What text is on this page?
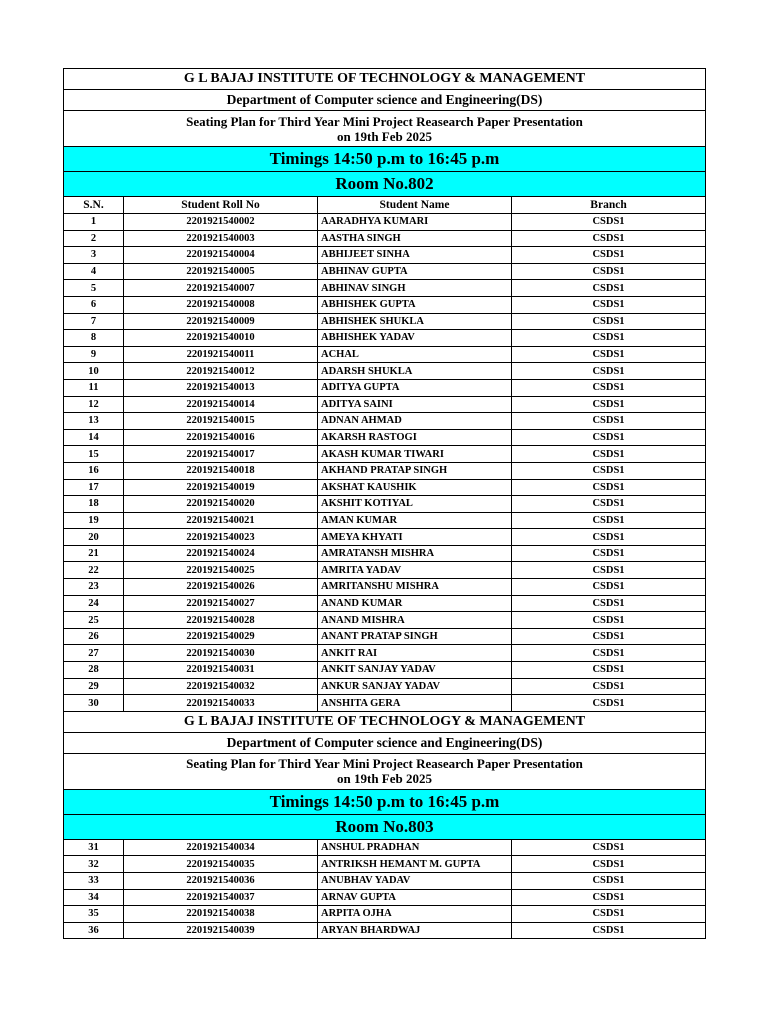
G L BAJAJ INSTITUTE OF TECHNOLOGY & MANAGEMENT			
Department of Computer science and Engineering(DS)			
Seating Plan for Third Year Mini Project Reasearch Paper Presentation
on 19th Feb 2025			
Timings 14:50 p.m to 16:45 p.m			
Room No.802			
S.N.	Student Roll No	Student Name	Branch
1	2201921540002	AARADHYA KUMARI	CSDS1
2	2201921540003	AASTHA SINGH	CSDS1
3	2201921540004	ABHIJEET SINHA	CSDS1
4	2201921540005	ABHINAV GUPTA	CSDS1
5	2201921540007	ABHINAV SINGH	CSDS1
6	2201921540008	ABHISHEK GUPTA	CSDS1
7	2201921540009	ABHISHEK SHUKLA	CSDS1
8	2201921540010	ABHISHEK YADAV	CSDS1
9	2201921540011	ACHAL	CSDS1
10	2201921540012	ADARSH SHUKLA	CSDS1
11	2201921540013	ADITYA GUPTA	CSDS1
12	2201921540014	ADITYA SAINI	CSDS1
13	2201921540015	ADNAN AHMAD	CSDS1
14	2201921540016	AKARSH RASTOGI	CSDS1
15	2201921540017	AKASH KUMAR TIWARI	CSDS1
16	2201921540018	AKHAND PRATAP SINGH	CSDS1
17	2201921540019	AKSHAT KAUSHIK	CSDS1
18	2201921540020	AKSHIT KOTIYAL	CSDS1
19	2201921540021	AMAN KUMAR	CSDS1
20	2201921540023	AMEYA KHYATI	CSDS1
21	2201921540024	AMRATANSH MISHRA	CSDS1
22	2201921540025	AMRITA YADAV	CSDS1
23	2201921540026	AMRITANSHU MISHRA	CSDS1
24	2201921540027	ANAND KUMAR	CSDS1
25	2201921540028	ANAND MISHRA	CSDS1
26	2201921540029	ANANT PRATAP SINGH	CSDS1
27	2201921540030	ANKIT RAI	CSDS1
28	2201921540031	ANKIT SANJAY YADAV	CSDS1
29	2201921540032	ANKUR SANJAY YADAV	CSDS1
30	2201921540033	ANSHITA GERA	CSDS1
G L BAJAJ INSTITUTE OF TECHNOLOGY & MANAGEMENT			
Department of Computer science and Engineering(DS)			
Seating Plan for Third Year Mini Project Reasearch Paper Presentation
on 19th Feb 2025			
Timings 14:50 p.m to 16:45 p.m			
Room No.803			
31	2201921540034	ANSHUL PRADHAN	CSDS1
32	2201921540035	ANTRIKSH HEMANT M. GUPTA	CSDS1
33	2201921540036	ANUBHAV YADAV	CSDS1
34	2201921540037	ARNAV GUPTA	CSDS1
35	2201921540038	ARPITA OJHA	CSDS1
36	2201921540039	ARYAN BHARDWAJ	CSDS1
